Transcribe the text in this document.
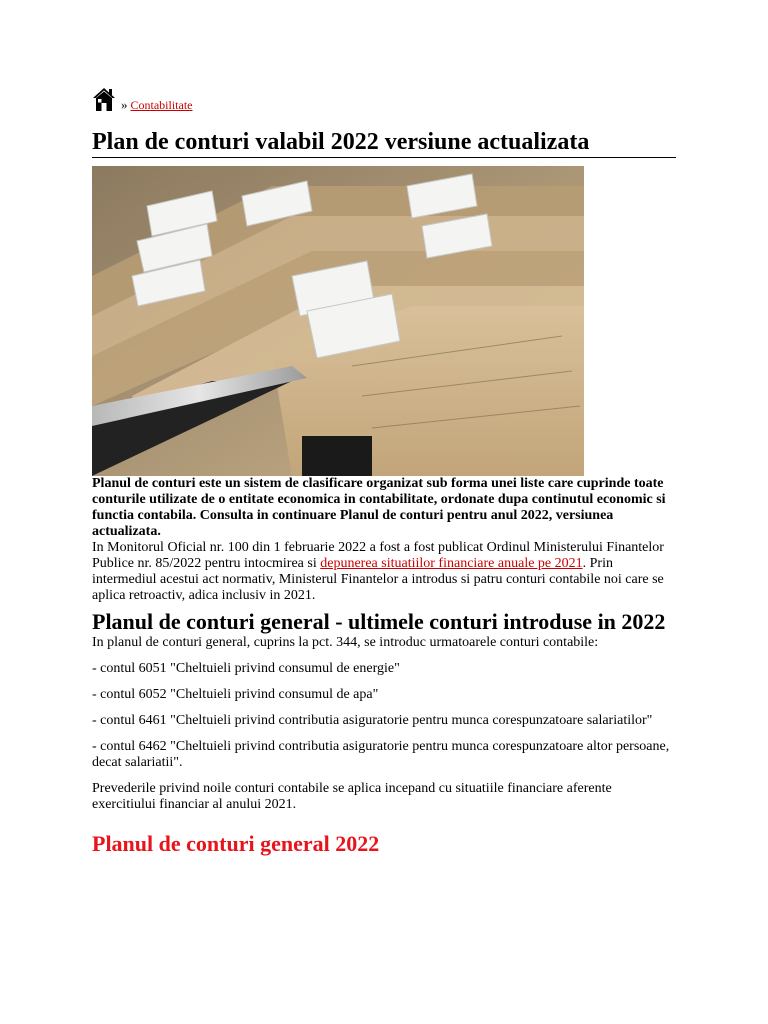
» Contabilitate
Plan de conturi valabil 2022 versiune actualizata

Planul de conturi este un sistem de clasificare organizat sub forma unei liste care cuprinde toate conturile utilizate de o entitate economica in contabilitate, ordonate dupa continutul economic si functia contabila. Consulta in continuare Planul de conturi pentru anul 2022, versiunea actualizata.

In Monitorul Oficial nr. 100 din 1 februarie 2022 a fost a fost publicat Ordinul Ministerului Finantelor Publice nr. 85/2022 pentru intocmirea si depunerea situatiilor financiare anuale pe 2021. Prin intermediul acestui act normativ, Ministerul Finantelor a introdus si patru conturi contabile noi care se aplica retroactiv, adica inclusiv in 2021.

Planul de conturi general - ultimele conturi introduse in 2022

In planul de conturi general, cuprins la pct. 344, se introduc urmatoarele conturi contabile:

- contul 6051 "Cheltuieli privind consumul de energie"

- contul 6052 "Cheltuieli privind consumul de apa"

- contul 6461 "Cheltuieli privind contributia asiguratorie pentru munca corespunzatoare salariatilor"

- contul 6462 "Cheltuieli privind contributia asiguratorie pentru munca corespunzatoare altor persoane, decat salariatii".

Prevederile privind noile conturi contabile se aplica incepand cu situatiile financiare aferente exercitiului financiar al anului 2021.

Planul de conturi general 2022
